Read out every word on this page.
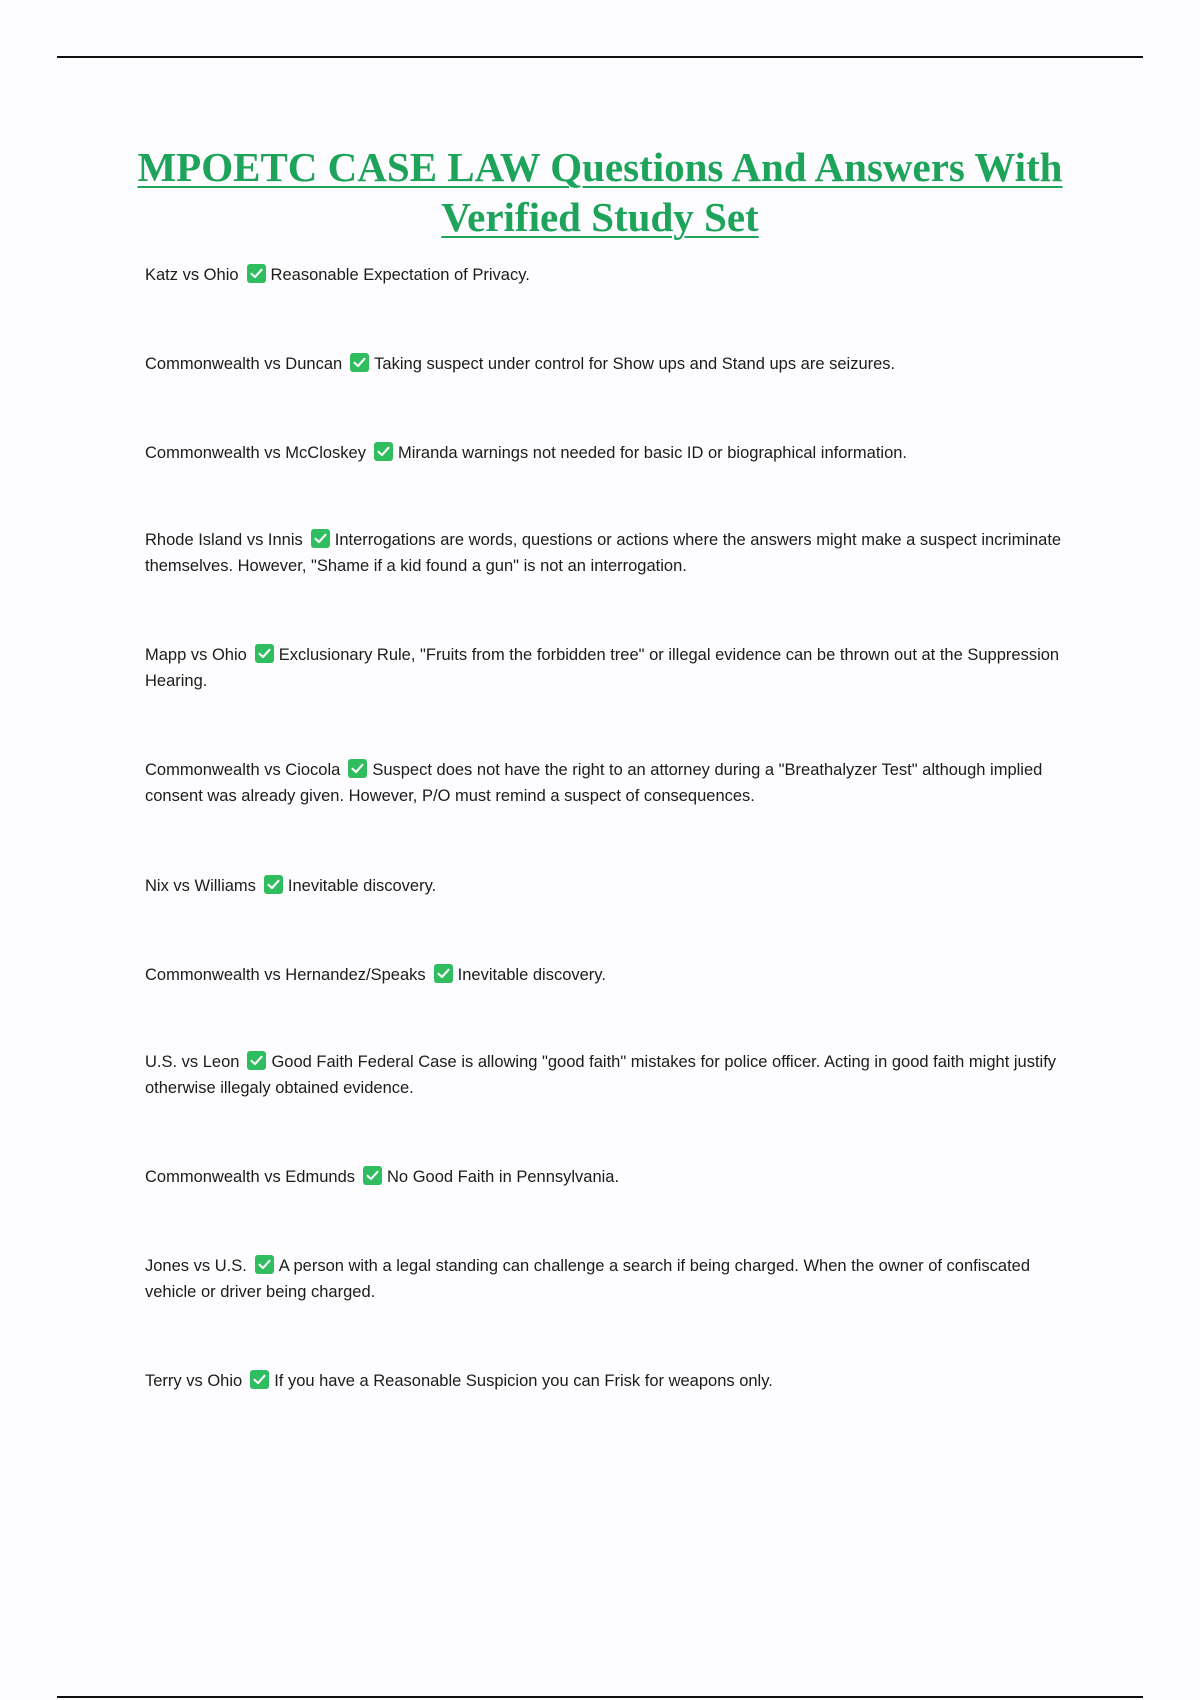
MPOETC CASE LAW Questions And Answers With
Verified Study Set

Katz vs Ohio Reasonable Expectation of Privacy.

Commonwealth vs Duncan Taking suspect under control for Show ups and Stand ups are seizures.

Commonwealth vs McCloskey Miranda warnings not needed for basic ID or biographical information.

Rhode Island vs Innis Interrogations are words, questions or actions where the answers might make a suspect incriminate themselves. However, "Shame if a kid found a gun" is not an interrogation.

Mapp vs Ohio Exclusionary Rule, "Fruits from the forbidden tree" or illegal evidence can be thrown out at the Suppression Hearing.

Commonwealth vs Ciocola Suspect does not have the right to an attorney during a "Breathalyzer Test" although implied consent was already given. However, P/O must remind a suspect of consequences.

Nix vs Williams Inevitable discovery.

Commonwealth vs Hernandez/Speaks Inevitable discovery.

U.S. vs Leon Good Faith Federal Case is allowing "good faith" mistakes for police officer. Acting in good faith might justify otherwise illegaly obtained evidence.

Commonwealth vs Edmunds No Good Faith in Pennsylvania.

Jones vs U.S. A person with a legal standing can challenge a search if being charged. When the owner of confiscated vehicle or driver being charged.

Terry vs Ohio If you have a Reasonable Suspicion you can Frisk for weapons only.
